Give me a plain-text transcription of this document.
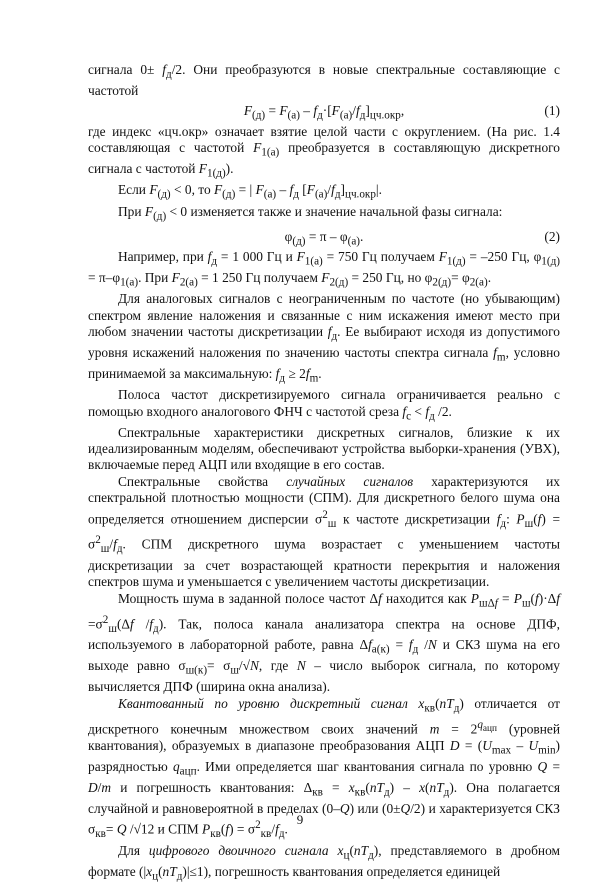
сигнала $0\pm f_д/2$. Они преобразуются в новые спектральные составляющие с частотой

$F_{(д)} = F_{(а)} - f_д\cdot[F_{(а)}/f_д]_{цч.окр}$,	(1)

где индекс «цч.окр» означает взятие целой части с округлением. (На рис. 1.4 составляющая с частотой $F_{1(а)}$ преобразуется в составляющую дискретного сигнала с частотой $F_{1(д)}$).

Если $F_{(д)} < 0$, то $F_{(д)}$ = | $F_{(а)} - f_д$ $[F_{(а)}/f_д]_{цч.окр}|$.

При $F_{(д)} < 0$ изменяется также и значение начальной фазы сигнала:

$\varphi_{(д)} = \pi - \varphi_{(а)}$.	(2)

Например, при $f_д = 1$ 000 Гц и $F_{1(а)} = 750$ Гц получаем $F_{1(д)} = -250$ Гц, $\varphi_{1(д)} = \pi-\varphi_{1(а)}$. При $F_{2(а)} = 1$ 250 Гц получаем $F_{2(д)} = 250$ Гц, но $\varphi_{2(д)}= \varphi_{2(а)}$.

Для аналоговых сигналов с неограниченным по частоте (но убывающим) спектром явление наложения и связанные с ним искажения имеют место при любом значении частоты дискретизации $f_д$. Ее выбирают исходя из допустимого уровня искажений наложения по значению частоты спектра сигнала $f_m$, условно принимаемой за максимальную: $f_д \ge 2f_m$.

Полоса частот дискретизируемого сигнала ограничивается реально с помощью входного аналогового ФНЧ с частотой среза $f_с < f_д$ /2.

Спектральные характеристики дискретных сигналов, близкие к их идеализированным моделям, обеспечивают устройства выборки-хранения (УВХ), включаемые перед АЦП или входящие в его состав.

Спектральные свойства случайных сигналов характеризуются их спектральной плотностью мощности (СПМ). Для дискретного белого шума она определяется отношением дисперсии $\sigma^2_ш$ к частоте дискретизации $f_д$: $P_ш(f) = \sigma^2_ш/f_д$. СПМ дискретного шума возрастает с уменьшением частоты дискретизации за счет возрастающей кратности перекрытия и наложения спектров шума и уменьшается с увеличением частоты дискретизации.

Мощность шума в заданной полосе частот Δf находится как $P_{ш\Delta f} = P_ш(f)\cdot\Delta f =\sigma^2_ш(\Delta f$ $/f_д$). Так, полоса канала анализатора спектра на основе ДПФ, используемого в лабораторной работе, равна $\Delta f_{а(к)} = f_д$ /N и СКЗ шума на его выходе равно $\sigma_{ш(к)}= \sigma_ш/√N$, где N – число выборок сигнала, по которому вычисляется ДПФ (ширина окна анализа).

Квантованный по уровню дискретный сигнал $x_{кв}(nT_д)$ отличается от дискретного конечным множеством своих значений $m = 2^{q_{ацп}}$ (уровней квантования), образуемых в диапазоне преобразования АЦП $D = (U_{max} - U_{min})$ разрядностью $q_{ацп}$. Ими определяется шаг квантования сигнала по уровню Q = D/m и погрешность квантования: $\Delta_{кв} = x_{кв}(nT_д) - x(nT_д)$. Она полагается случайной и равновероятной в пределах (0–Q) или (0±Q/2) и характеризуется СКЗ $\sigma_{кв}= Q$ /√12 и СПМ $P_{кв}(f) = \sigma^2_{кв}/f_д$.

Для цифрового двоичного сигнала $x_ц(nT_д)$, представляемого в дробном формате $(|x_ц(nT_д)|\le 1)$, погрешность квантования определяется единицей

9
